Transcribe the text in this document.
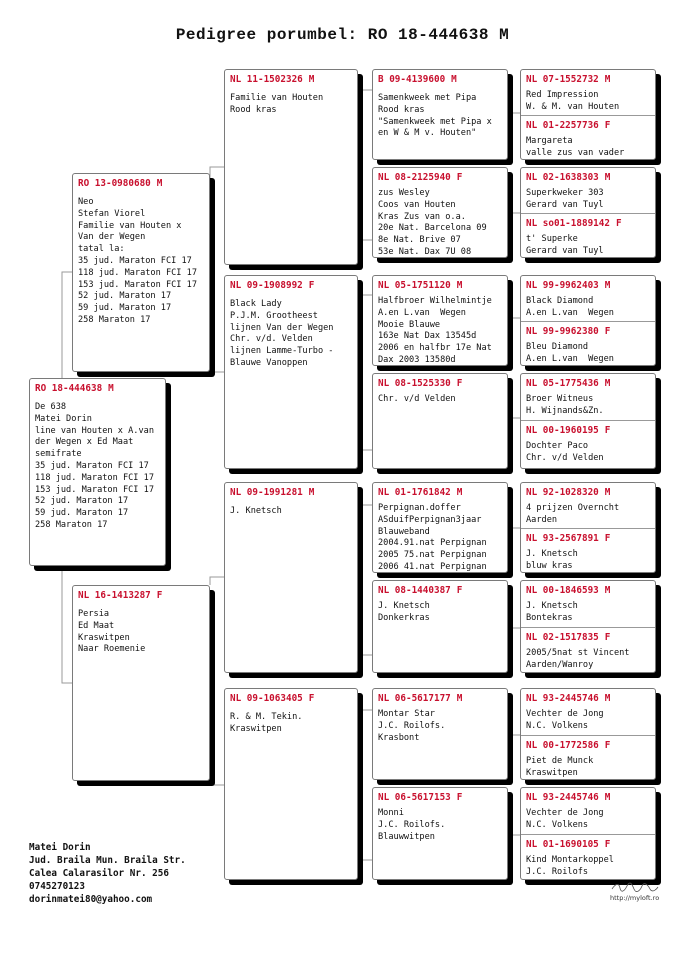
Pedigree porumbel: RO 18-444638 M
RO 18-444638 M
De 638
Matei Dorin
line van Houten x A.van
der Wegen x Ed Maat
semifrate
35 jud. Maraton FCI 17
118 jud. Maraton FCI 17
153 jud. Maraton FCI 17
52 jud. Maraton 17
59 jud. Maraton 17
258 Maraton 17
RO 13-0980680 M
Neo
Stefan Viorel
Familie van Houten x
Van der Wegen
tatal la:
35 jud. Maraton FCI 17
118 jud. Maraton FCI 17
153 jud. Maraton FCI 17
52 jud. Maraton 17
59 jud. Maraton 17
258 Maraton 17
NL 16-1413287 F
Persia
Ed Maat
Kraswitpen
Naar Roemenie
NL 11-1502326 M
Familie van Houten
Rood kras
NL 09-1908992 F
Black Lady
P.J.M. Grootheest
lijnen Van der Wegen
Chr. v/d. Velden
lijnen Lamme-Turbo -
Blauwe Vanoppen
NL 09-1991281 M
J. Knetsch
NL 09-1063405 F
R. & M. Tekin.
Kraswitpen
B 09-4139600 M
Samenkweek met Pipa
Rood kras
"Samenkweek met Pipa x
en W & M v. Houten"
NL 08-2125940 F
zus Wesley
Coos van Houten
Kras Zus van o.a.
20e Nat. Barcelona 09
8e Nat. Brive 07
53e Nat. Dax 7U 08
NL 05-1751120 M
Halfbroer Wilhelmintje
A.en L.van  Wegen
Mooie Blauwe
163e Nat Dax 13545d
2006 en halfbr 17e Nat
Dax 2003 13580d
NL 08-1525330 F
Chr. v/d Velden
NL 01-1761842 M
Perpignan.doffer
ASduifPerpignan3jaar
Blauweband
2004.91.nat Perpignan
2005 75.nat Perpignan
2006 41.nat Perpignan
NL 08-1440387 F
J. Knetsch
Donkerkras
NL 06-5617177 M
Montar Star
J.C. Roilofs.
Krasbont
NL 06-5617153 F
Monni
J.C. Roilofs.
Blauwwitpen
NL 07-1552732 M
Red Impression
W. & M. van Houten
NL 01-2257736 F
Margareta
valle zus van vader
NL 02-1638303 M
Superkweker 303
Gerard van Tuyl
NL so01-1889142 F
t' Superke
Gerard van Tuyl
NL 99-9962403 M
Black Diamond
A.en L.van  Wegen
NL 99-9962380 F
Bleu Diamond
A.en L.van  Wegen
NL 05-1775436 M
Broer Witneus
H. Wijnands&Zn.
NL 00-1960195 F
Dochter Paco
Chr. v/d Velden
NL 92-1028320 M
4 prijzen Overncht
Aarden
NL 93-2567891 F
J. Knetsch
bluw kras
NL 00-1846593 M
J. Knetsch
Bontekras
NL 02-1517835 F
2005/5nat st Vincent
Aarden/Wanroy
NL 93-2445746 M
Vechter de Jong
N.C. Volkens
NL 00-1772586 F
Piet de Munck
Kraswitpen
NL 93-2445746 M
Vechter de Jong
N.C. Volkens
NL 01-1690105 F
Kind Montarkoppel
J.C. Roilofs
Matei Dorin
Jud. Braila Mun. Braila Str.
Calea Calarasilor Nr. 256
0745270123
dorinmatei80@yahoo.com	http://myloft.ro
